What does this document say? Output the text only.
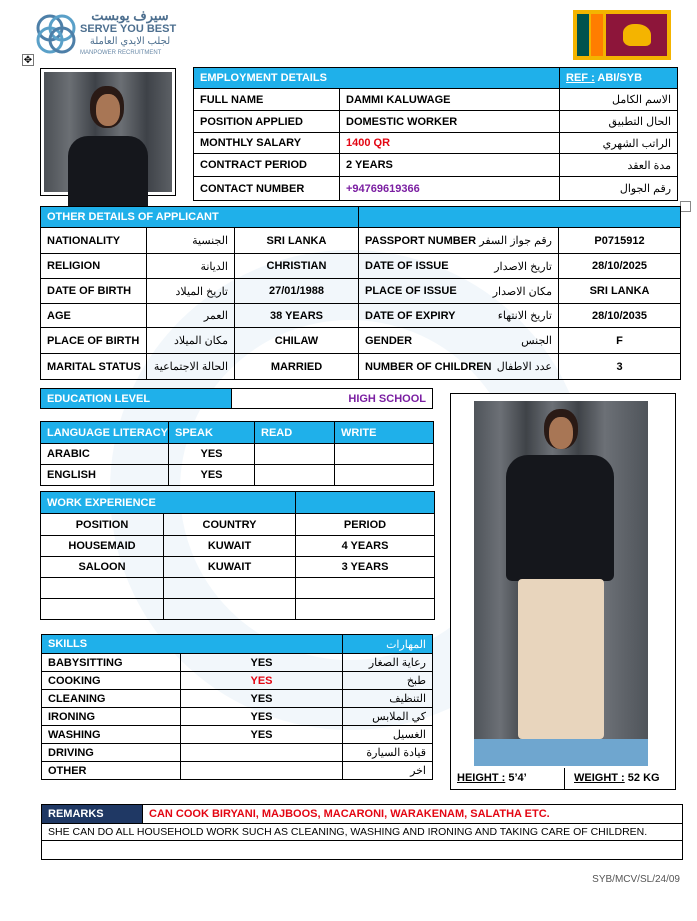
سيرف يوبست
SERVE YOU BEST
لجلب الايدي العاملة
MANPOWER RECRUITMENT
✥
EMPLOYMENT DETAILS		REF : ABI/SYB
FULL NAME	DAMMI KALUWAGE	الاسم الكامل
POSITION APPLIED	DOMESTIC WORKER	الحال التطبيق
MONTHLY SALARY	1400 QR	الراتب الشهري
CONTRACT PERIOD	2 YEARS	مدة العقد
CONTACT NUMBER	+94769619366	رقم الجوال
OTHER DETAILS OF APPLICANT					
NATIONALITY	الجنسية	SRI LANKA	PASSPORT NUMBER	رقم جواز السفر	P0715912
RELIGION	الديانة	CHRISTIAN	DATE OF ISSUE	تاريخ الاصدار	28/10/2025
DATE OF BIRTH	تاريخ الميلاد	27/01/1988	PLACE OF ISSUE	مكان الاصدار	SRI LANKA
AGE	العمر	38 YEARS	DATE OF EXPIRY	تاريخ الانتهاء	28/10/2035
PLACE OF BIRTH	مكان الميلاد	CHILAW	GENDER	الجنس	F
MARITAL STATUS	الحالة الاجتماعية	MARRIED	NUMBER OF CHILDREN	عدد الاطفال	3
EDUCATION LEVEL	HIGH SCHOOL
LANGUAGE LITERACY	SPEAK	READ	WRITE
ARABIC	YES		
ENGLISH	YES		
WORK EXPERIENCE		
POSITION	COUNTRY	PERIOD
HOUSEMAID	KUWAIT	4 YEARS
SALOON	KUWAIT	3 YEARS

SKILLS		المهارات
BABYSITTING	YES	رعاية الصغار
COOKING	YES	طبخ
CLEANING	YES	التنظيف
IRONING	YES	كي الملابس
WASHING	YES	الغسيل
DRIVING		قيادة السيارة
OTHER		اخر
HEIGHT : 5’4’	WEIGHT : 52 KG
REMARKS	CAN COOK BIRYANI, MAJBOOS, MACARONI, WARAKENAM, SALATHA ETC.
SHE CAN DO ALL HOUSEHOLD WORK SUCH AS CLEANING, WASHING AND IRONING AND TAKING CARE OF CHILDREN.

SYB/MCV/SL/24/09
